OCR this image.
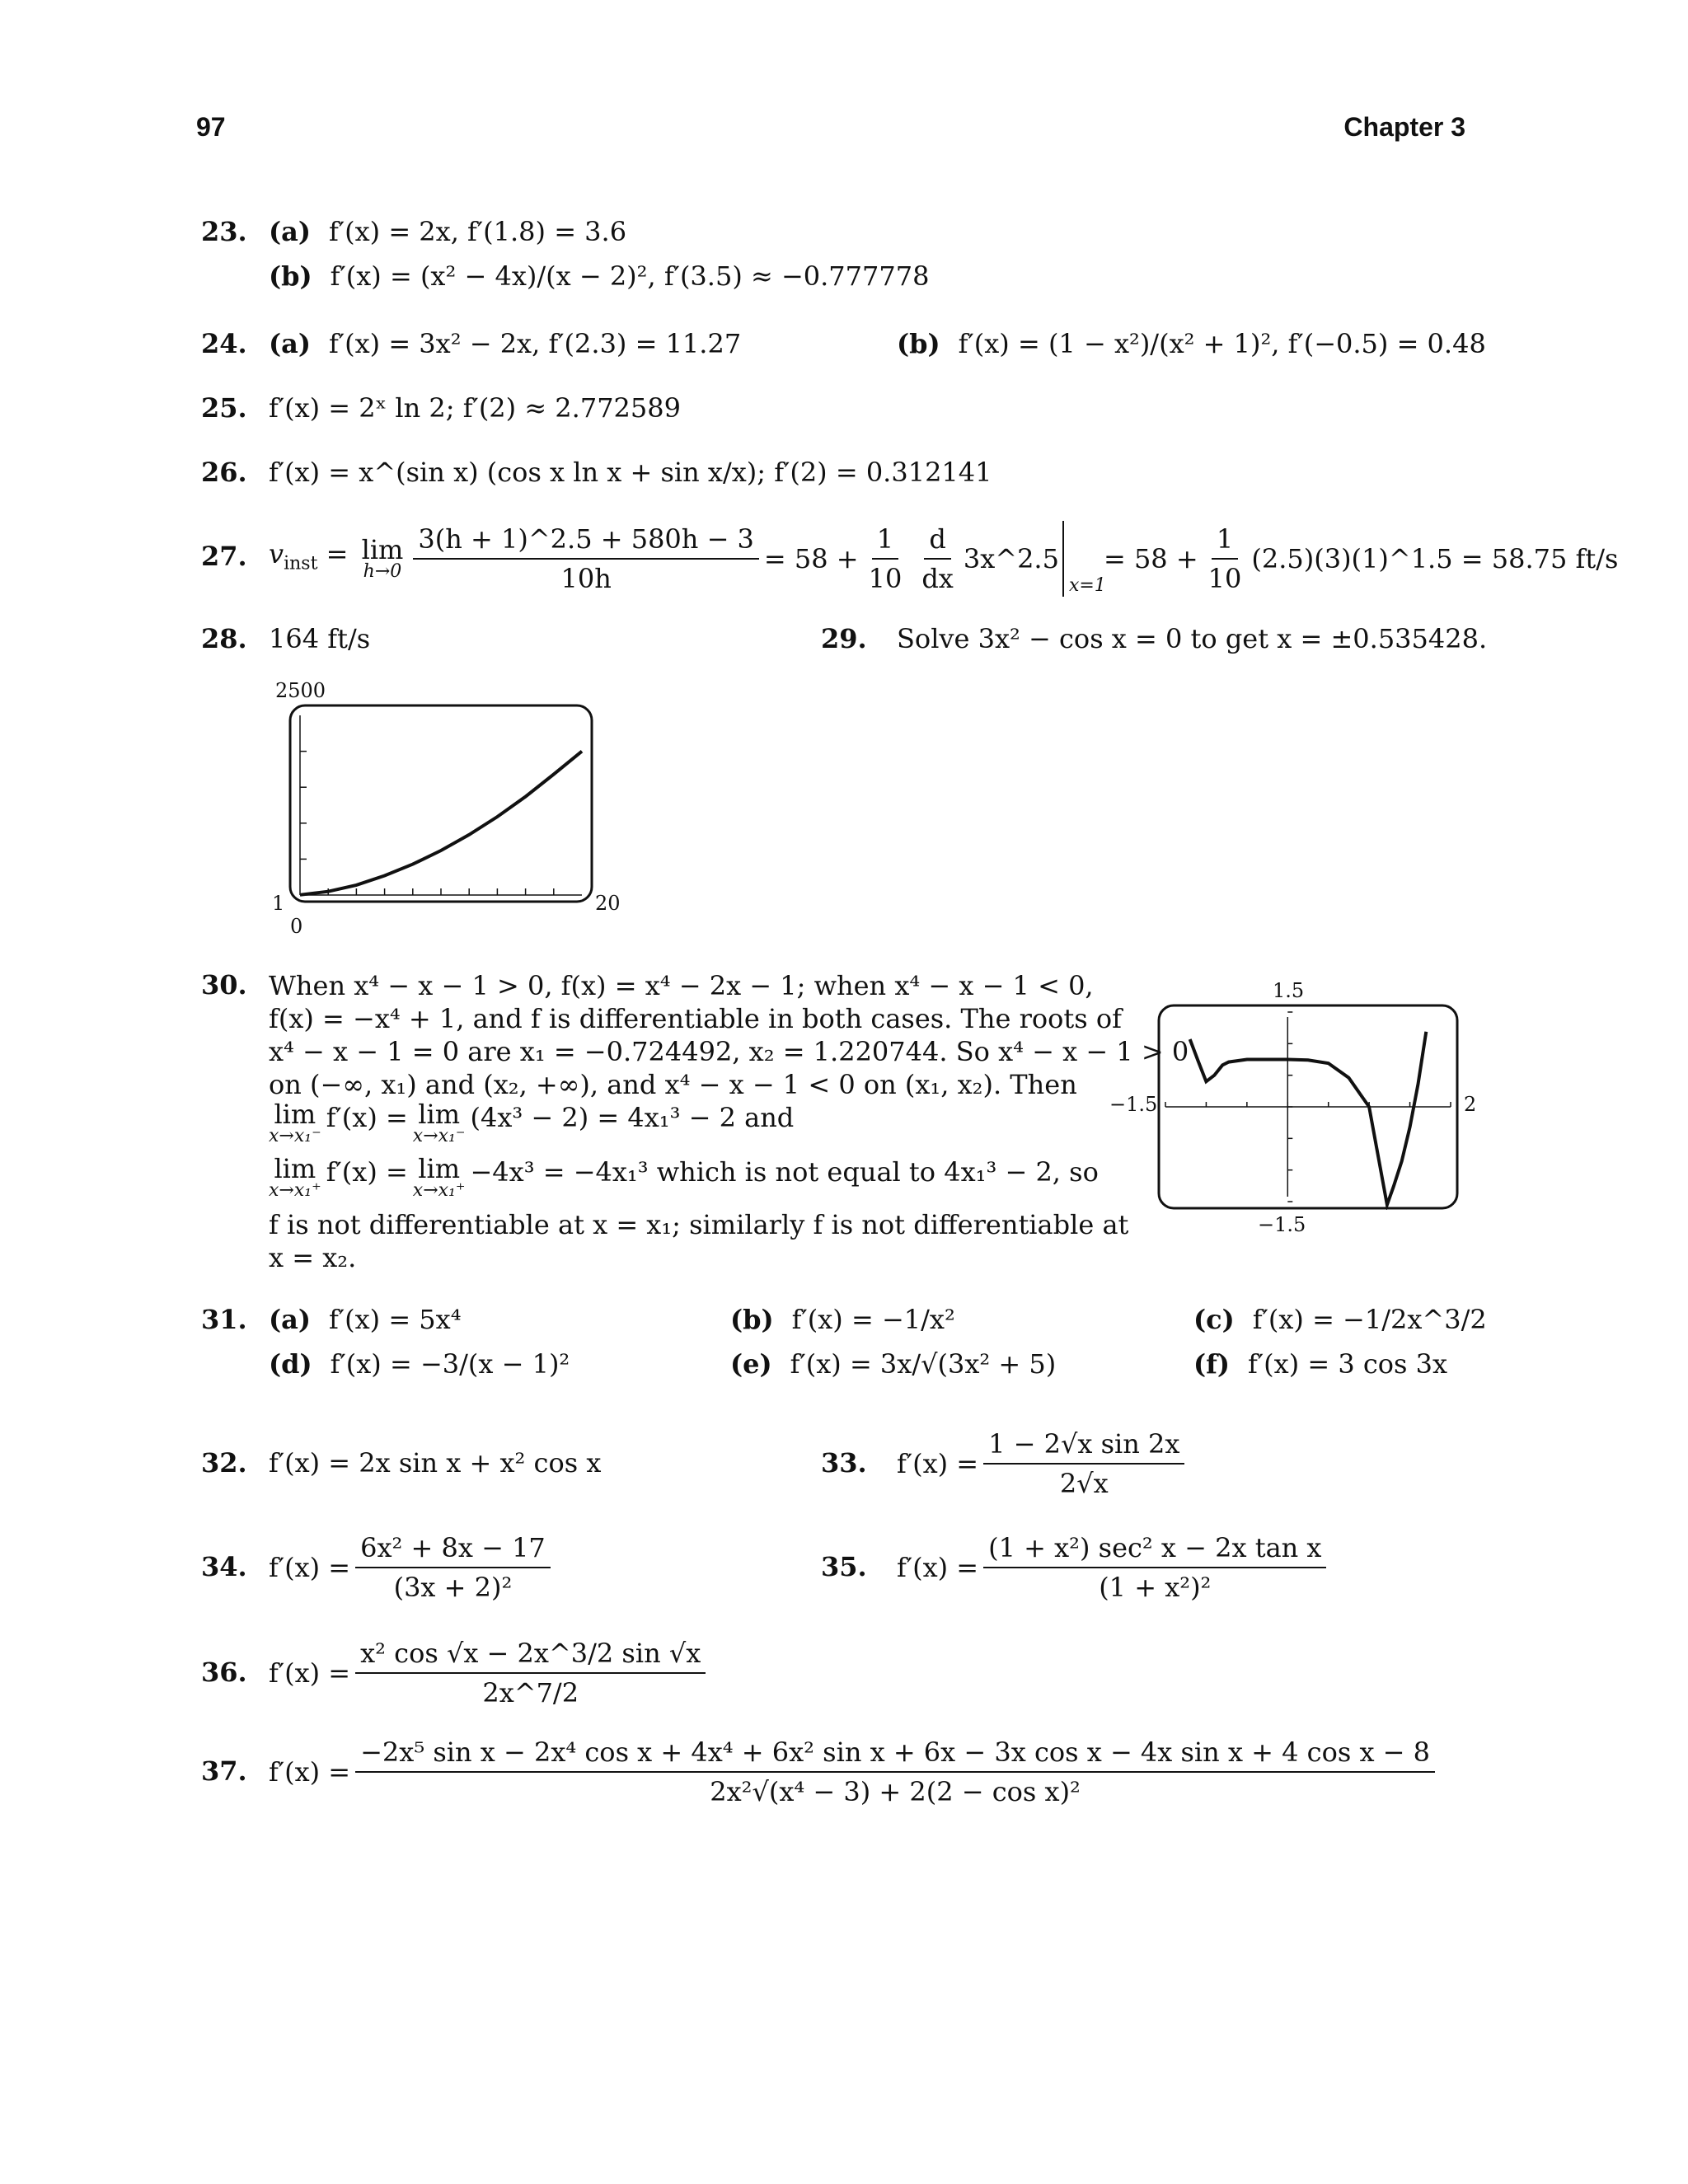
97	Chapter 3
23. (a) f′(x) = 2x, f′(1.8) = 3.6
(b) f′(x) = (x² − 4x)/(x − 2)², f′(3.5) ≈ −0.777778
24. (a) f′(x) = 3x² − 2x, f′(2.3) = 11.27	(b) f′(x) = (1 − x²)/(x² + 1)², f′(−0.5) = 0.48
25. f′(x) = 2ˣ ln 2; f′(2) ≈ 2.772589
26. f′(x) = x^(sin x) (cos x ln x + sin x/x); f′(2) = 0.312141
27. $v_{inst} = \lim$
$h\to 0 \frac{3(h + 1)\^{}2.5 + 580h - 3}{10h} = 58 + \frac{1}{10} \frac{d}{dx}$ 3x^2.5
x=1
= $58 + \frac{1}{10}$ (2.5)(3)(1)^1.5 = 58.75 ft/s
28. 164 ft/s	29. Solve 3x² − cos x = 0 to get x = ±0.535428.
2500
1
0
20
30. When x⁴ − x − 1 > 0, f(x) = x⁴ − 2x − 1; when x⁴ − x − 1 < 0,
f(x) = −x⁴ + 1, and f is differentiable in both cases. The roots of
x⁴ − x − 1 = 0 are x₁ = −0.724492, x₂ = 1.220744. So x⁴ − x − 1 > 0
on (−∞, x₁) and (x₂, +∞), and x⁴ − x − 1 < 0 on (x₁, x₂). Then
lim
x→x₁⁻
f′(x) = lim
x→x₁⁻
(4x³ − 2) = 4x₁³ − 2 and
lim
x→x₁⁺
f′(x) = lim
x→x₁⁺
−4x³ = −4x₁³ which is not equal to 4x₁³ − 2, so
f is not differentiable at x = x₁; similarly f is not differentiable at
x = x₂.
1.5
−1.5
−1.5	2
31. (a) f′(x) = 5x⁴	(b) f′(x) = −1/x²	(c) f′(x) = −1/2x^3/2
(d) f′(x) = −3/(x − 1)²	(e) f′(x) = 3x/√(3x² + 5)	(f) f′(x) = 3 cos 3x
32. f′(x) = 2x sin x + x² cos x	33. $f'(x) = \frac{\text{1 − 2√x sin 2x}}{2√x}$
34. $f'(x) = \frac{\text{6x² + 8x − 17}}{\text{(3x + 2)²}}$	35. $f'(x) = \frac{\text{(1 + x²) sec² x − 2x tan x}}{\text{(1 + x²)²}}$
36. $f'(x) = \frac{\text{x² cos √x − 2x\textasciicircum{}3/2 sin √x}}{2x\^{}7/2}$
37. f′(x) =
−2x⁵ sin x − 2x⁴ cos x + 4x⁴ + 6x² sin x + 6x − 3x cos x − 4x sin x + 4 cos x − 8
2x²√(x⁴ − 3) + 2(2 − cos x)²
